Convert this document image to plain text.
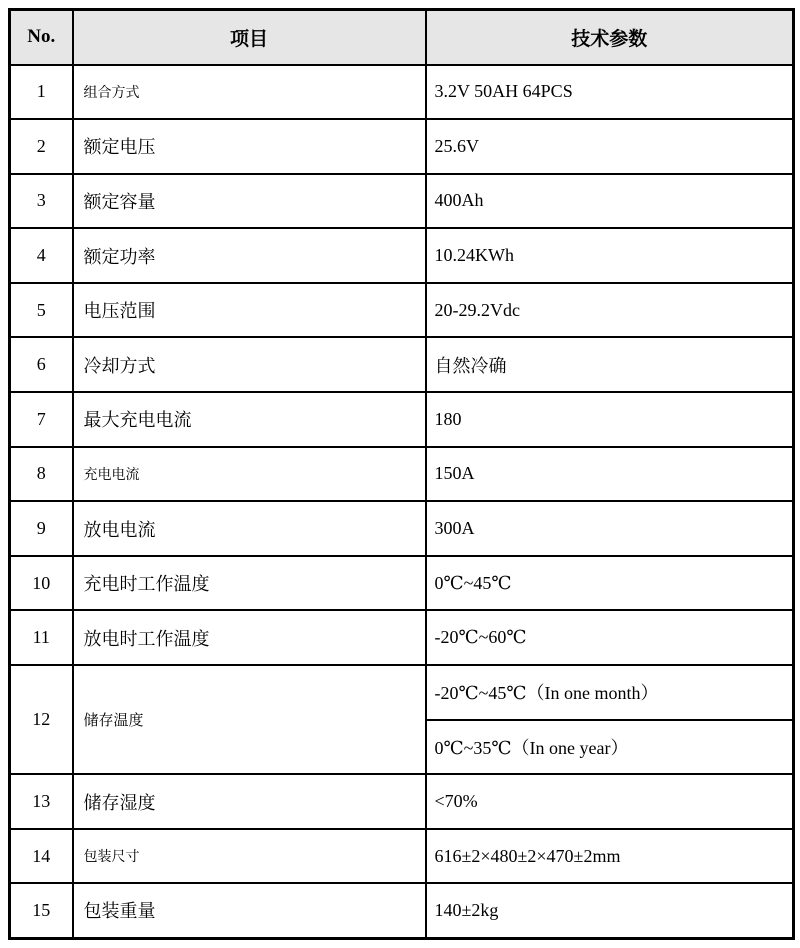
No.	项目	技术参数
1	组合方式	3.2V 50AH 64PCS
2	额定电压	25.6V
3	额定容量	400Ah
4	额定功率	10.24KWh
5	电压范围	20-29.2Vdc
6	冷却方式	自然冷确
7	最大充电电流	180
8	充电电流	150A
9	放电电流	300A
10	充电时工作温度	0℃~45℃
11	放电时工作温度	-20℃~60℃
12	储存温度	-20℃~45℃（In one month）
		0℃~35℃（In one year）
13	储存湿度	<70%
14	包装尺寸	616±2×480±2×470±2mm
15	包装重量	140±2kg
